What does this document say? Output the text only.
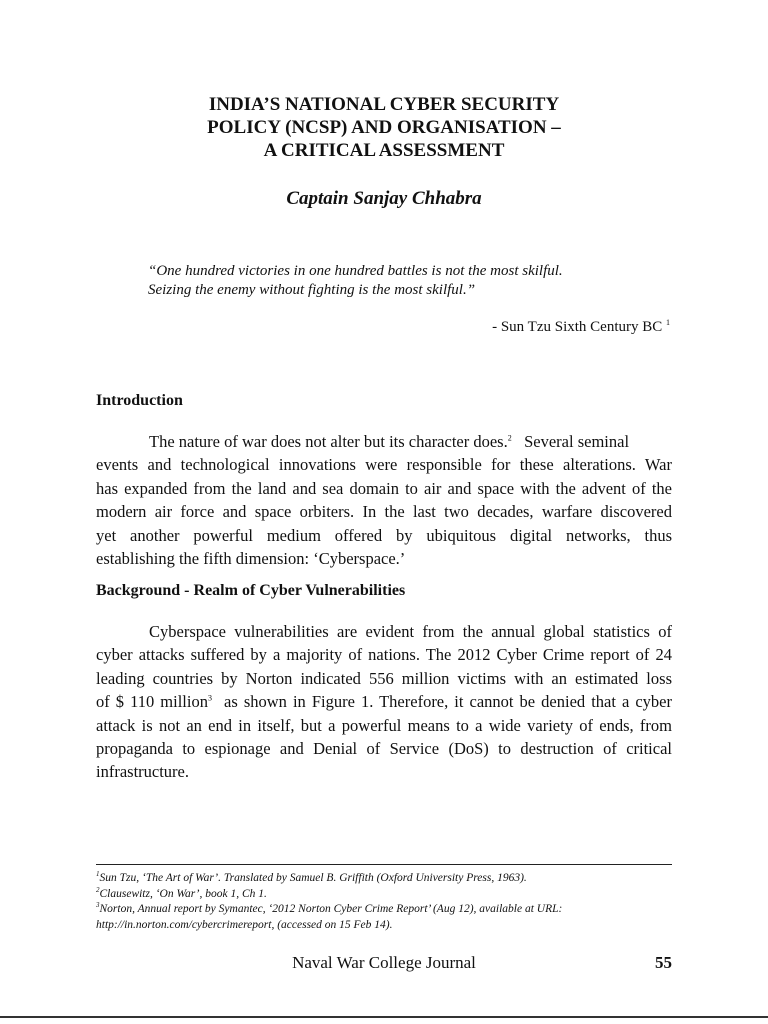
INDIA’S NATIONAL CYBER SECURITY
POLICY (NCSP) AND ORGANISATION –
A CRITICAL ASSESSMENT
Captain Sanjay Chhabra
“One hundred victories in one hundred battles is not the most skilful.
Seizing the enemy without fighting is the most skilful.”
- Sun Tzu Sixth Century BC $^1$
Introduction
The nature of war does not alter but its character does.$^2$ Several seminal
events and technological innovations were responsible for these alterations. War
has expanded from the land and sea domain to air and space with the advent of the
modern air force and space orbiters. In the last two decades, warfare discovered
yet another powerful medium offered by ubiquitous digital networks, thus
establishing the fifth dimension: ‘Cyberspace.’
Background - Realm of Cyber Vulnerabilities
Cyberspace vulnerabilities are evident from the annual global statistics of
cyber attacks suffered by a majority of nations. The 2012 Cyber Crime report of 24
leading countries by Norton indicated 556 million victims with an estimated loss
of $ 110 million$^3$ as shown in Figure 1. Therefore, it cannot be denied that a cyber
attack is not an end in itself, but a powerful means to a wide variety of ends, from
propaganda to espionage and Denial of Service (DoS) to destruction of critical
infrastructure.
$^1$Sun Tzu, ‘The Art of War’. Translated by Samuel B. Griffith (Oxford University Press, 1963).
$^2$Clausewitz, ‘On War’, book 1, Ch 1.
$^3$Norton, Annual report by Symantec, ‘2012 Norton Cyber Crime Report’ (Aug 12), available at URL:
http://in.norton.com/cybercrimereport, (accessed on 15 Feb 14).
Naval War College Journal	55
